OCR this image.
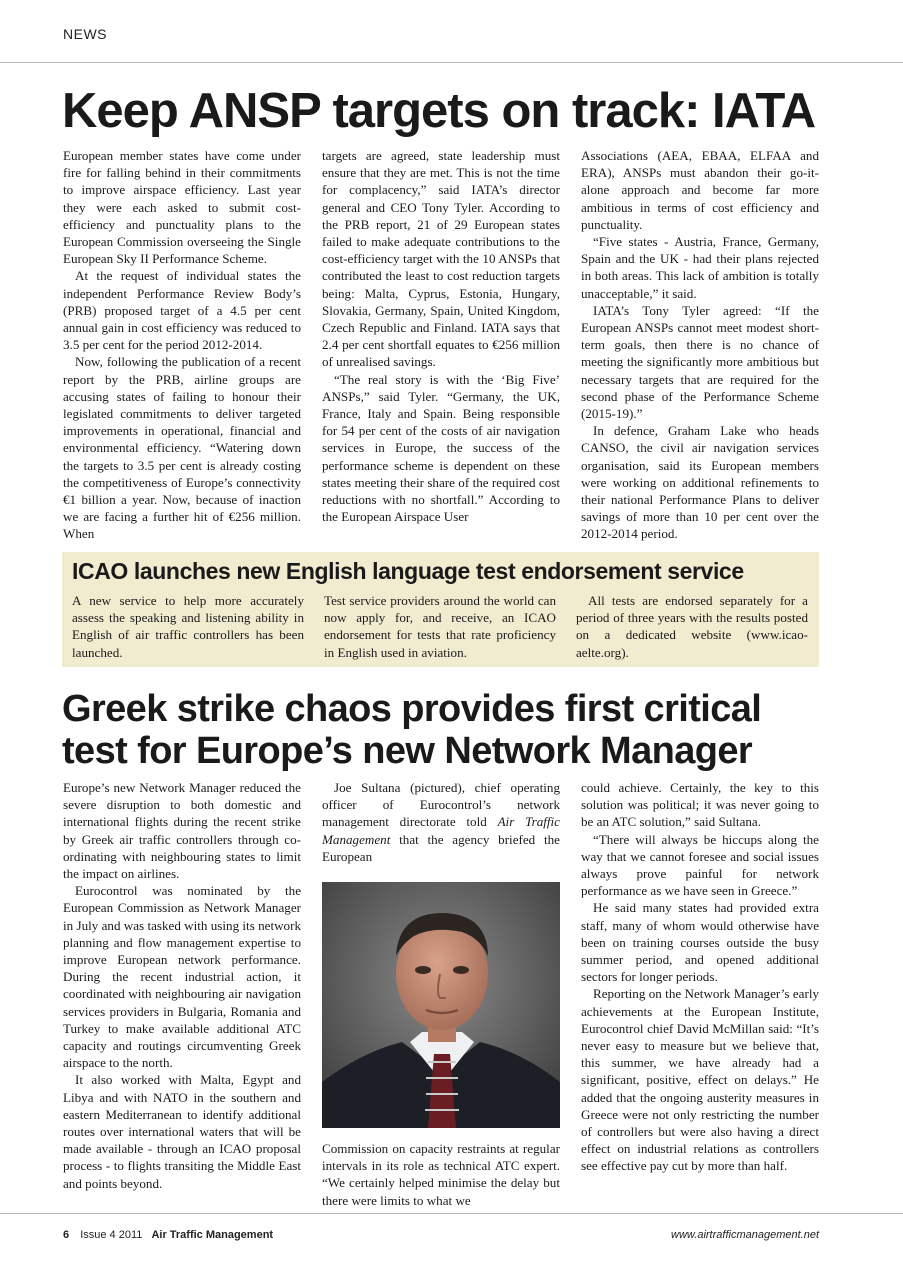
NEWS
Keep ANSP targets on track: IATA

European member states have come under fire for falling behind in their commitments to improve airspace efficiency. Last year they were each asked to submit cost-efficiency and punctuality plans to the European Commission overseeing the Single European Sky II Performance Scheme.

At the request of individual states the independent Performance Review Body’s (PRB) proposed target of a 4.5 per cent annual gain in cost efficiency was reduced to 3.5 per cent for the period 2012-2014.

Now, following the publication of a recent report by the PRB, airline groups are accusing states of failing to honour their legislated commitments to deliver targeted improvements in operational, financial and environmental efficiency. “Watering down the targets to 3.5 per cent is already costing the competitiveness of Europe’s connectivity €1 billion a year. Now, because of inaction we are facing a further hit of €256 million. When

targets are agreed, state leadership must ensure that they are met. This is not the time for complacency,” said IATA’s director general and CEO Tony Tyler. According to the PRB report, 21 of 29 European states failed to make adequate contributions to the cost-efficiency target with the 10 ANSPs that contributed the least to cost reduction targets being: Malta, Cyprus, Estonia, Hungary, Slovakia, Germany, Spain, United Kingdom, Czech Republic and Finland. IATA says that 2.4 per cent shortfall equates to €256 million of unrealised savings.

“The real story is with the ‘Big Five’ ANSPs,” said Tyler. “Germany, the UK, France, Italy and Spain. Being responsible for 54 per cent of the costs of air navigation services in Europe, the success of the performance scheme is dependent on these states meeting their share of the required cost reductions with no shortfall.” According to the European Airspace User

Associations (AEA, EBAA, ELFAA and ERA), ANSPs must abandon their go-it-alone approach and become far more ambitious in terms of cost efficiency and punctuality.

“Five states - Austria, France, Germany, Spain and the UK - had their plans rejected in both areas. This lack of ambition is totally unacceptable,” it said.

IATA’s Tony Tyler agreed: “If the European ANSPs cannot meet modest short-term goals, then there is no chance of meeting the significantly more ambitious but necessary targets that are required for the second phase of the Performance Scheme (2015-19).”

In defence, Graham Lake who heads CANSO, the civil air navigation services organisation, said its European members were working on additional refinements to their national Performance Plans to deliver savings of more than 10 per cent over the 2012-2014 period.

ICAO launches new English language test endorsement service

A new service to help more accurately assess the speaking and listening ability in English of air traffic controllers has been launched.

Test service providers around the world can now apply for, and receive, an ICAO endorsement for tests that rate proficiency in English used in aviation.

All tests are endorsed separately for a period of three years with the results posted on a dedicated website (www.icao-aelte.org).

Greek strike chaos provides first critical
test for Europe’s new Network Manager

Europe’s new Network Manager reduced the severe disruption to both domestic and international flights during the recent strike by Greek air traffic controllers through co-ordinating with neighbouring states to limit the impact on airlines.

Eurocontrol was nominated by the European Commission as Network Manager in July and was tasked with using its network planning and flow management expertise to improve European network performance. During the recent industrial action, it coordinated with neighbouring air navigation services providers in Bulgaria, Romania and Turkey to make available additional ATC capacity and routings circumventing Greek airspace to the north.

It also worked with Malta, Egypt and Libya and with NATO in the southern and eastern Mediterranean to identify additional routes over international waters that will be made available - through an ICAO proposal process - to flights transiting the Middle East and points beyond.

Joe Sultana (pictured), chief operating officer of Eurocontrol’s network management directorate told Air Traffic Management that the agency briefed the European

Commission on capacity restraints at regular intervals in its role as technical ATC expert. “We certainly helped minimise the delay but there were limits to what we

could achieve. Certainly, the key to this solution was political; it was never going to be an ATC solution,” said Sultana.

“There will always be hiccups along the way that we cannot foresee and social issues always prove painful for network performance as we have seen in Greece.”

He said many states had provided extra staff, many of whom would otherwise have been on training courses outside the busy summer period, and opened additional sectors for longer periods.

Reporting on the Network Manager’s early achievements at the European Institute, Eurocontrol chief David McMillan said: “It’s never easy to measure but we believe that, this summer, we have already had a significant, positive, effect on delays.” He added that the ongoing austerity measures in Greece were not only restricting the number of controllers but were also having a direct effect on industrial relations as controllers see effective pay cut by more than half.

6 Issue 4 2011 Air Traffic Management	www.airtrafficmanagement.net
